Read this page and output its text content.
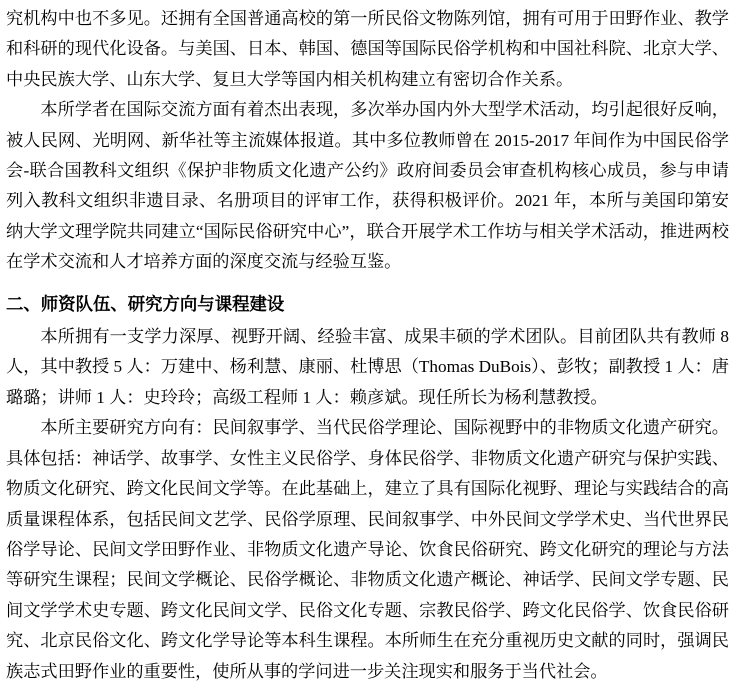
究机构中也不多见。还拥有全国普通高校的第一所民俗文物陈列馆，拥有可用于田野作业、教学和科研的现代化设备。与美国、日本、韩国、德国等国际民俗学机构和中国社科院、北京大学、中央民族大学、山东大学、复旦大学等国内相关机构建立有密切合作关系。

本所学者在国际交流方面有着杰出表现，多次举办国内外大型学术活动，均引起很好反响，被人民网、光明网、新华社等主流媒体报道。其中多位教师曾在 2015-2017 年间作为中国民俗学会-联合国教科文组织《保护非物质文化遗产公约》政府间委员会审查机构核心成员，参与申请列入教科文组织非遗目录、名册项目的评审工作，获得积极评价。2021 年，本所与美国印第安纳大学文理学院共同建立“国际民俗研究中心”，联合开展学术工作坊与相关学术活动，推进两校在学术交流和人才培养方面的深度交流与经验互鉴。

二、师资队伍、研究方向与课程建设

本所拥有一支学力深厚、视野开阔、经验丰富、成果丰硕的学术团队。目前团队共有教师 8 人，其中教授 5 人：万建中、杨利慧、康丽、杜博思（Thomas DuBois）、彭牧；副教授 1 人：唐璐璐；讲师 1 人：史玲玲；高级工程师 1 人：赖彦斌。现任所长为杨利慧教授。

本所主要研究方向有：民间叙事学、当代民俗学理论、国际视野中的非物质文化遗产研究。具体包括：神话学、故事学、女性主义民俗学、身体民俗学、非物质文化遗产研究与保护实践、物质文化研究、跨文化民间文学等。在此基础上，建立了具有国际化视野、理论与实践结合的高质量课程体系，包括民间文艺学、民俗学原理、民间叙事学、中外民间文学学术史、当代世界民俗学导论、民间文学田野作业、非物质文化遗产导论、饮食民俗研究、跨文化研究的理论与方法等研究生课程；民间文学概论、民俗学概论、非物质文化遗产概论、神话学、民间文学专题、民间文学学术史专题、跨文化民间文学、民俗文化专题、宗教民俗学、跨文化民俗学、饮食民俗研究、北京民俗文化、跨文化学导论等本科生课程。本所师生在充分重视历史文献的同时，强调民族志式田野作业的重要性，使所从事的学问进一步关注现实和服务于当代社会。
